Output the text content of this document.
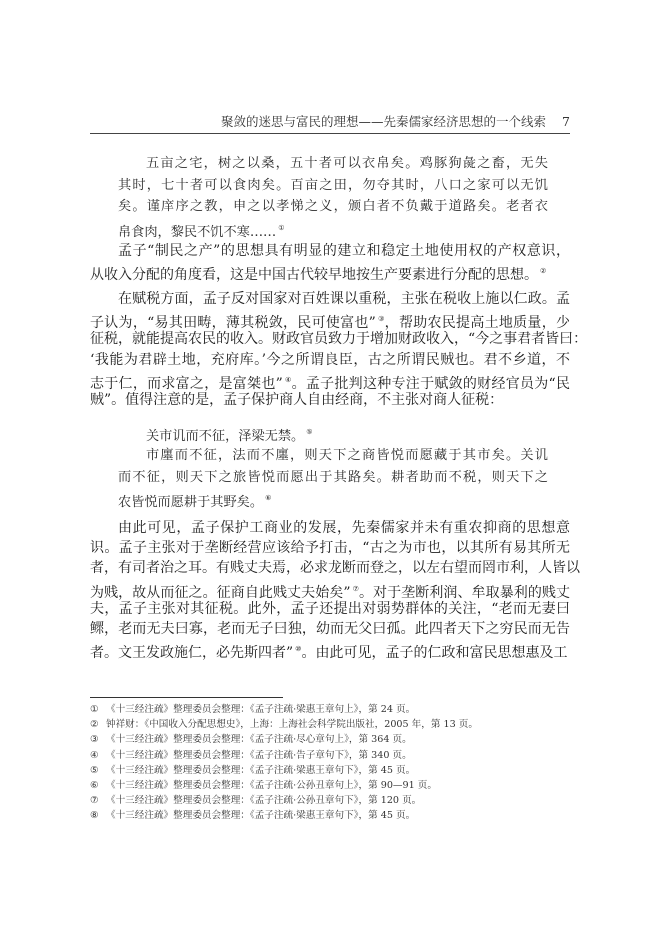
聚敛的迷思与富民的理想——先秦儒家经济思想的一个线索 7
五亩之宅，树之以桑，五十者可以衣帛矣。鸡豚狗彘之畜，无失
其时，七十者可以食肉矣。百亩之田，勿夺其时，八口之家可以无饥
矣。谨庠序之教，申之以孝悌之义，颁白者不负戴于道路矣。老者衣
帛食肉，黎民不饥不寒…… ①
孟子“制民之产”的思想具有明显的建立和稳定土地使用权的产权意识，
从收入分配的角度看，这是中国古代较早地按生产要素进行分配的思想。 ②
在赋税方面，孟子反对国家对百姓课以重税，主张在税收上施以仁政。孟
子认为，“易其田畴，薄其税敛，民可使富也” ③，帮助农民提高土地质量，少
征税，就能提高农民的收入。财政官员致力于增加财政收入，“今之事君者皆曰：
‘我能为君辟土地，充府库。’今之所谓良臣，古之所谓民贼也。君不乡道，不
志于仁，而求富之，是富桀也” ④。孟子批判这种专注于赋敛的财经官员为“民
贼”。值得注意的是，孟子保护商人自由经商，不主张对商人征税：
关市讥而不征，泽梁无禁。 ⑤
市廛而不征，法而不廛，则天下之商皆悦而愿藏于其市矣。关讥
而不征，则天下之旅皆悦而愿出于其路矣。耕者助而不税，则天下之
农皆悦而愿耕于其野矣。 ⑥
由此可见，孟子保护工商业的发展，先秦儒家并未有重农抑商的思想意
识。孟子主张对于垄断经营应该给予打击，“古之为市也，以其所有易其所无
者，有司者治之耳。有贱丈夫焉，必求龙断而登之，以左右望而罔市利，人皆以
为贱，故从而征之。征商自此贱丈夫始矣” ⑦。对于垄断利润、牟取暴利的贱丈
夫，孟子主张对其征税。此外，孟子还提出对弱势群体的关注，“老而无妻曰
鳏，老而无夫曰寡，老而无子曰独，幼而无父曰孤。此四者天下之穷民而无告
者。文王发政施仁，必先斯四者” ⑩。由此可见，孟子的仁政和富民思想惠及工
① 《十三经注疏》整理委员会整理：《孟子注疏·梁惠王章句上》，第 24 页。
② 钟祥财：《中国收入分配思想史》，上海：上海社会科学院出版社，2005 年，第 13 页。
③ 《十三经注疏》整理委员会整理：《孟子注疏·尽心章句上》，第 364 页。
④ 《十三经注疏》整理委员会整理：《孟子注疏·告子章句下》，第 340 页。
⑤ 《十三经注疏》整理委员会整理：《孟子注疏·梁惠王章句下》，第 45 页。
⑥ 《十三经注疏》整理委员会整理：《孟子注疏·公孙丑章句上》，第 90—91 页。
⑦ 《十三经注疏》整理委员会整理：《孟子注疏·公孙丑章句下》，第 120 页。
⑧ 《十三经注疏》整理委员会整理：《孟子注疏·梁惠王章句下》，第 45 页。
